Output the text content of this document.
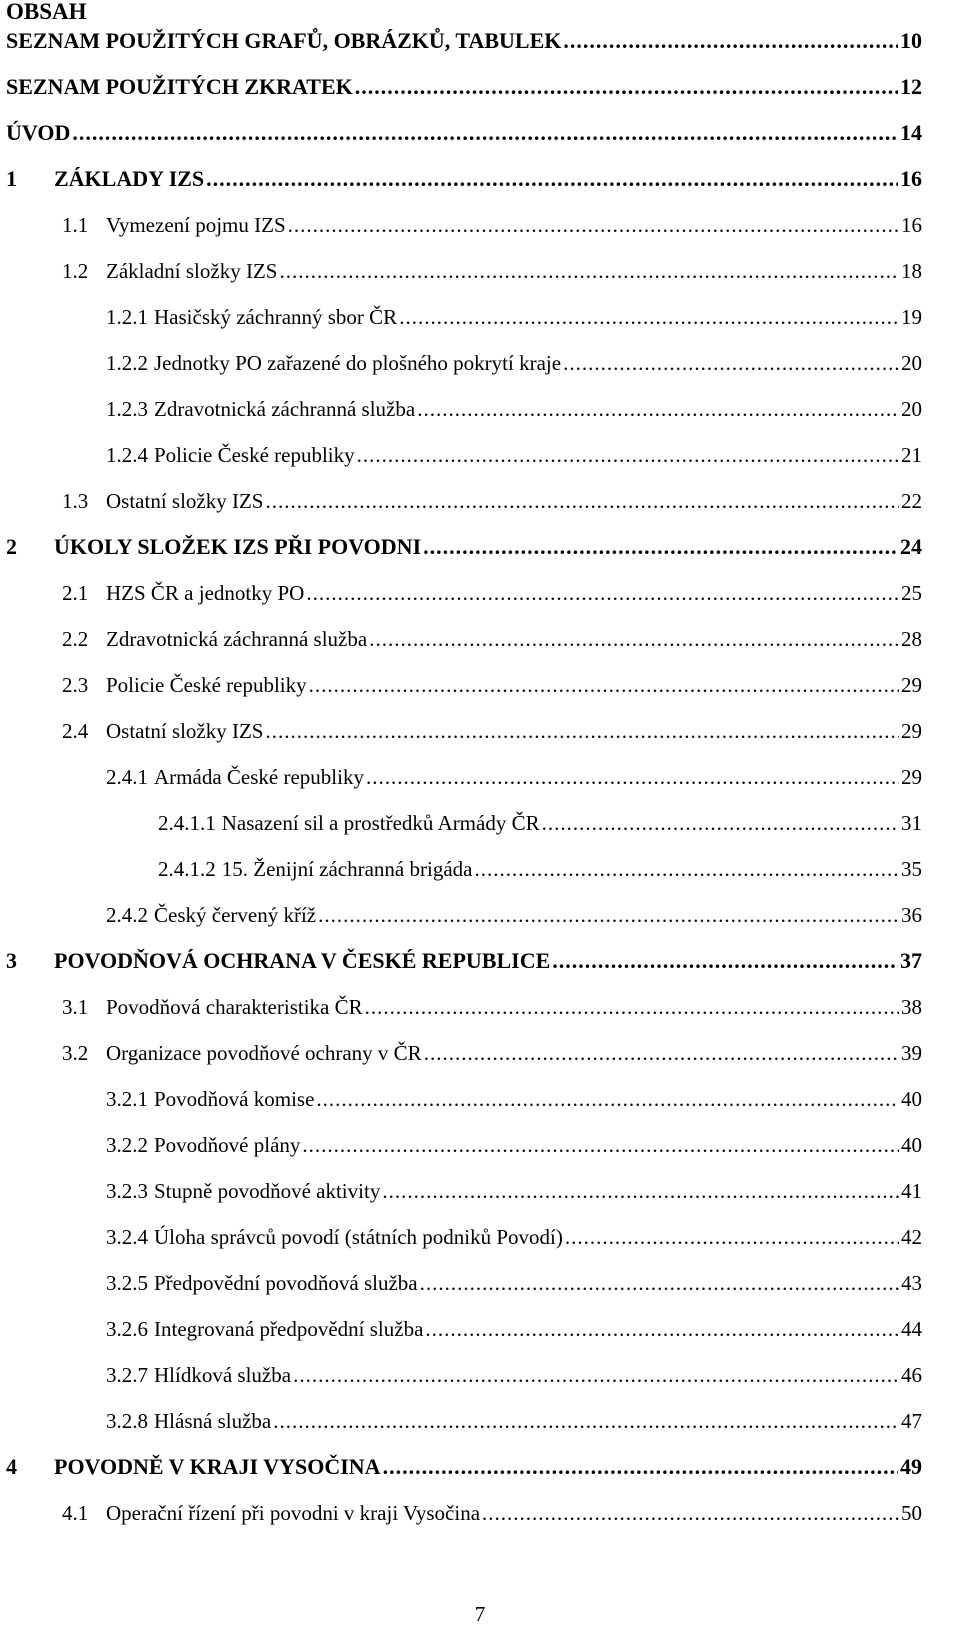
OBSAH
SEZNAM POUŽITÝCH GRAFŮ, OBRÁZKŮ, TABULEK .....	10
SEZNAM POUŽITÝCH ZKRATEK .....	12
ÚVOD .....	14
1	ZÁKLADY IZS .....	16
1.1 Vymezení pojmu IZS .....	16
1.2 Základní složky IZS .....	18
1.2.1 Hasičský záchranný sbor ČR .....	19
1.2.2 Jednotky PO zařazené do plošného pokrytí kraje .....	20
1.2.3 Zdravotnická záchranná služba .....	20
1.2.4 Policie České republiky .....	21
1.3 Ostatní složky IZS .....	22
2	ÚKOLY SLOŽEK IZS PŘI POVODNI .....	24
2.1 HZS ČR a jednotky PO .....	25
2.2 Zdravotnická záchranná služba .....	28
2.3 Policie České republiky .....	29
2.4 Ostatní složky IZS .....	29
2.4.1 Armáda České republiky .....	29
2.4.1.1 Nasazení sil a prostředků Armády ČR .....	31
2.4.1.2 15. Ženijní záchranná brigáda .....	35
2.4.2 Český červený kříž .....	36
3	POVODŇOVÁ OCHRANA V ČESKÉ REPUBLICE .....	37
3.1 Povodňová charakteristika ČR .....	38
3.2 Organizace povodňové ochrany v ČR .....	39
3.2.1 Povodňová komise .....	40
3.2.2 Povodňové plány .....	40
3.2.3 Stupně povodňové aktivity .....	41
3.2.4 Úloha správců povodí (státních podniků Povodí) .....	42
3.2.5 Předpovědní povodňová služba .....	43
3.2.6 Integrovaná předpovědní služba .....	44
3.2.7 Hlídková služba .....	46
3.2.8 Hlásná služba .....	47
4	POVODNĚ V KRAJI VYSOČINA .....	49
4.1 Operační řízení při povodni v kraji Vysočina .....	50
7
